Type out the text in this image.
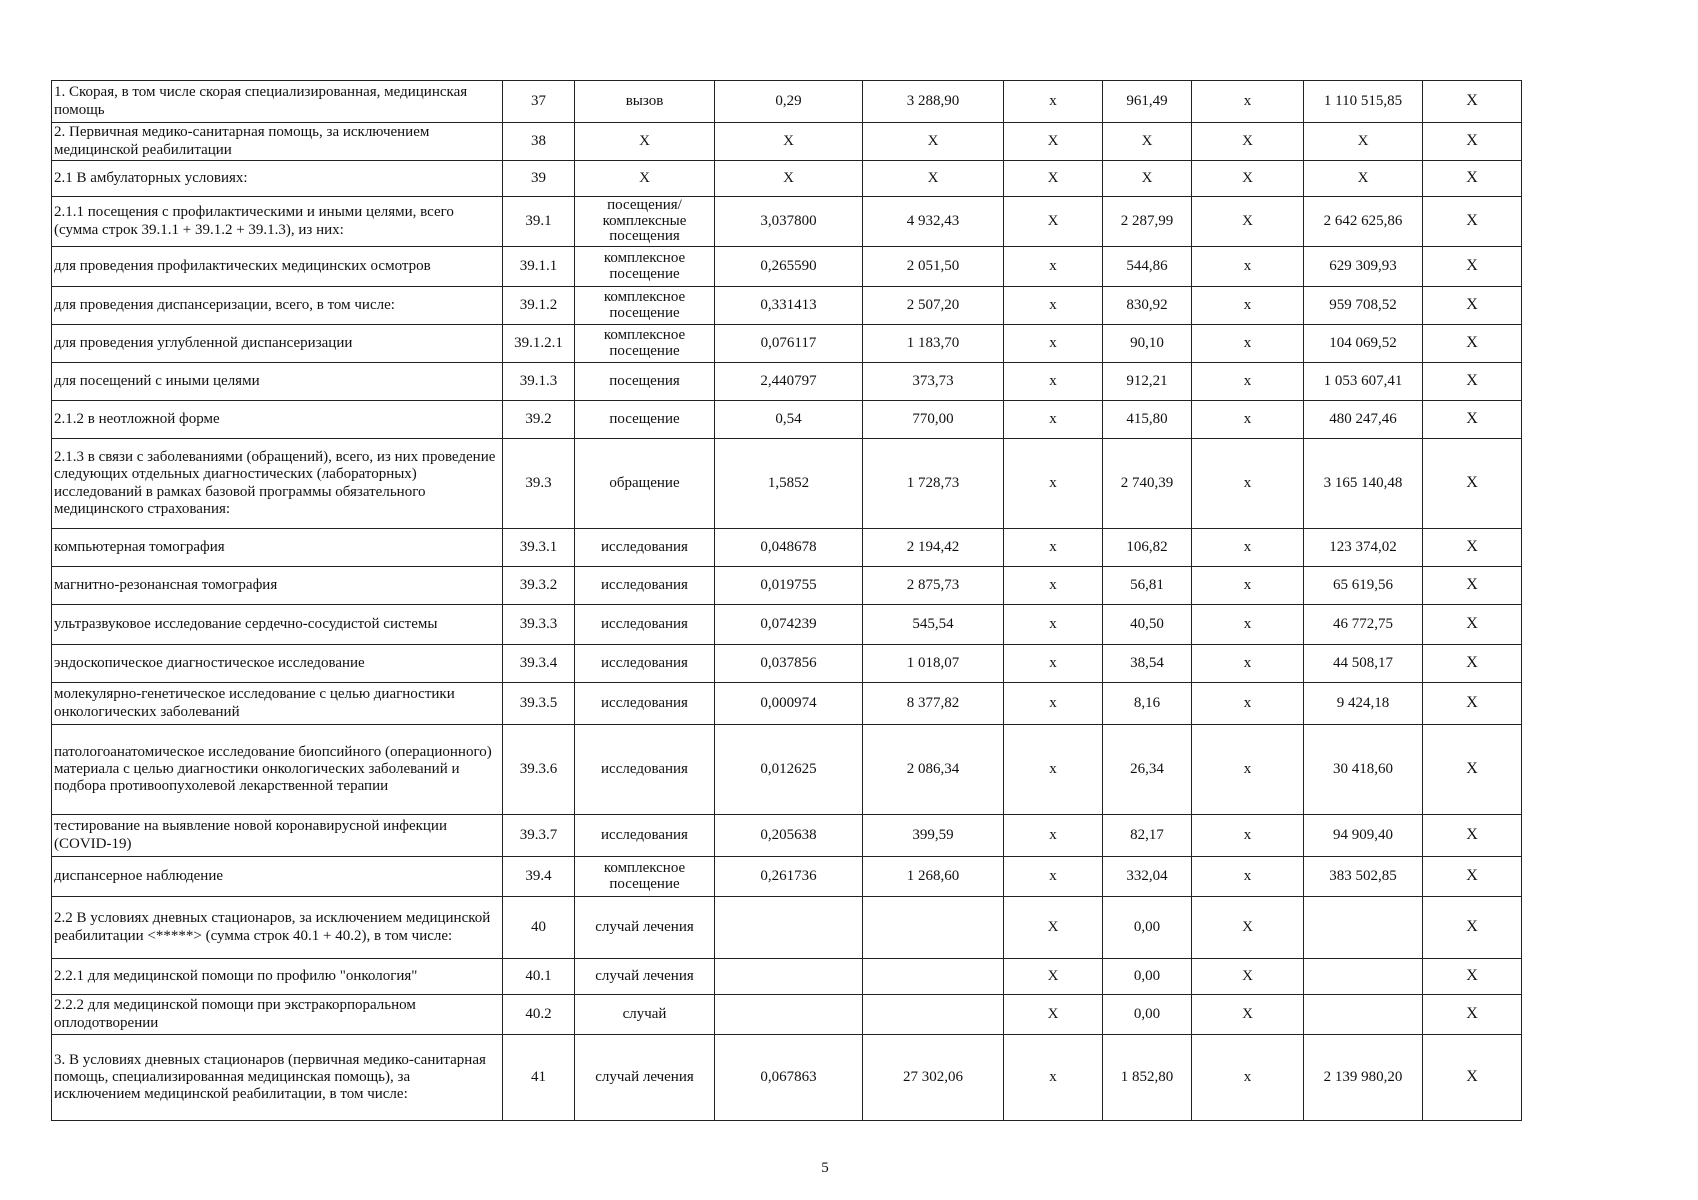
1. Скорая, в том числе скорая специализированная, медицинская помощь	37	вызов	0,29	3 288,90	х	961,49	х	1 110 515,85	Х
2. Первичная медико-санитарная помощь, за исключением медицинской реабилитации	38	Х	Х	Х	Х	Х	Х	Х	Х
2.1 В амбулаторных условиях:	39	Х	Х	Х	Х	Х	Х	Х	Х
2.1.1 посещения с профилактическими и иными целями, всего (сумма строк 39.1.1 + 39.1.2 + 39.1.3), из них:	39.1	посещения/комплексные посещения	3,037800	4 932,43	Х	2 287,99	Х	2 642 625,86	Х
для проведения профилактических медицинских осмотров	39.1.1	комплексное посещение	0,265590	2 051,50	х	544,86	х	629 309,93	Х
для проведения диспансеризации, всего, в том числе:	39.1.2	комплексное посещение	0,331413	2 507,20	х	830,92	х	959 708,52	Х
для проведения углубленной диспансеризации	39.1.2.1	комплексное посещение	0,076117	1 183,70	х	90,10	х	104 069,52	Х
для посещений с иными целями	39.1.3	посещения	2,440797	373,73	х	912,21	х	1 053 607,41	Х
2.1.2 в неотложной форме	39.2	посещение	0,54	770,00	х	415,80	х	480 247,46	Х
2.1.3 в связи с заболеваниями (обращений), всего, из них проведение следующих отдельных диагностических (лабораторных) исследований в рамках базовой программы обязательного медицинского страхования:	39.3	обращение	1,5852	1 728,73	х	2 740,39	х	3 165 140,48	Х
компьютерная томография	39.3.1	исследования	0,048678	2 194,42	х	106,82	х	123 374,02	Х
магнитно-резонансная томография	39.3.2	исследования	0,019755	2 875,73	х	56,81	х	65 619,56	Х
ультразвуковое исследование сердечно-сосудистой системы	39.3.3	исследования	0,074239	545,54	х	40,50	х	46 772,75	Х
эндоскопическое диагностическое исследование	39.3.4	исследования	0,037856	1 018,07	х	38,54	х	44 508,17	Х
молекулярно-генетическое исследование с целью диагностики онкологических заболеваний	39.3.5	исследования	0,000974	8 377,82	х	8,16	х	9 424,18	Х
патологоанатомическое исследование биопсийного (операционного) материала с целью диагностики онкологических заболеваний и подбора противоопухолевой лекарственной терапии	39.3.6	исследования	0,012625	2 086,34	х	26,34	х	30 418,60	Х
тестирование на выявление новой коронавирусной инфекции (COVID-19)	39.3.7	исследования	0,205638	399,59	х	82,17	х	94 909,40	Х
диспансерное наблюдение	39.4	комплексное посещение	0,261736	1 268,60	х	332,04	х	383 502,85	Х
2.2 В условиях дневных стационаров, за исключением медицинской реабилитации <*****> (сумма строк 40.1 + 40.2), в том числе:	40	случай лечения			Х	0,00	Х		Х
2.2.1 для медицинской помощи по профилю "онкология"	40.1	случай лечения			Х	0,00	Х		Х
2.2.2 для медицинской помощи при экстракорпоральном оплодотворении	40.2	случай			Х	0,00	Х		Х
3. В условиях дневных стационаров (первичная медико-санитарная помощь, специализированная медицинская помощь), за исключением медицинской реабилитации, в том числе:	41	случай лечения	0,067863	27 302,06	х	1 852,80	х	2 139 980,20	Х
5
